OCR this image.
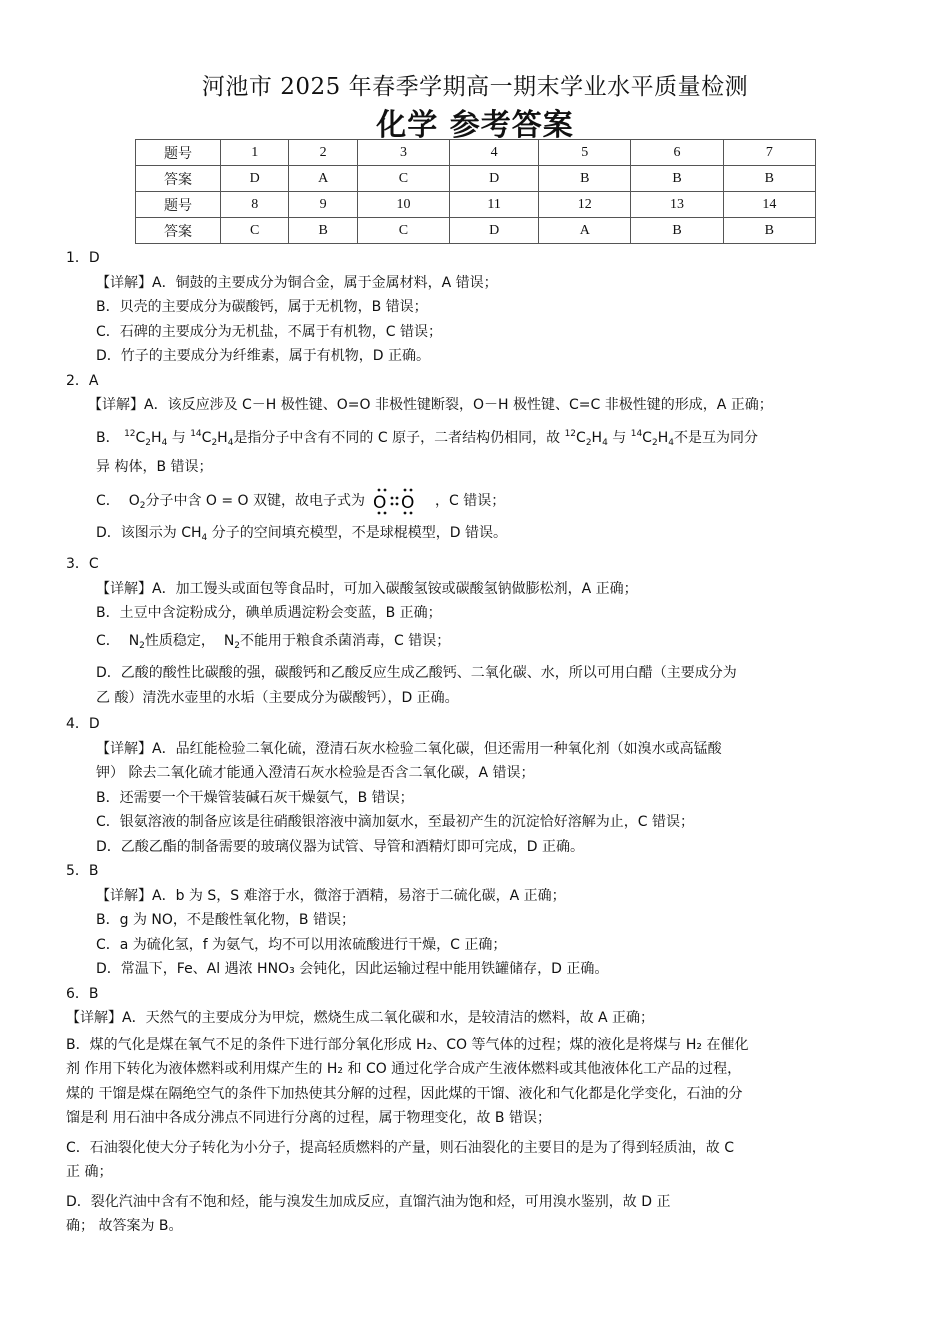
河池市 2025 年春季学期高一期末学业水平质量检测
化学 参考答案
题号	1	2	3	4	5	6	7
答案	D	A	C	D	B	B	B
题号	8	9	10	11	12	13	14
答案	C	B	C	D	A	B	B

1．D

【详解】A．铜鼓的主要成分为铜合金，属于金属材料，A 错误；

B．贝壳的主要成分为碳酸钙，属于无机物，B 错误；

C．石碑的主要成分为无机盐，不属于有机物，C 错误；

D．竹子的主要成分为纤维素，属于有机物，D 正确。

2．A

【详解】A．该反应涉及 C－H 极性键、O=O 非极性键断裂，O－H 极性键、C=C 非极性键的形成，A 正确；

B． $^{12}C_2H_4$ 与 $^{14}C_2H_4$是指分子中含有不同的 C 原子，二者结构仍相同，故 $^{12}C_2H_4$ 与 $^{14}C_2H_4$不是互为同分

异 构体，B 错误；

C． $O_2$分子中含 O = O 双键，故电子式为 O O ，C 错误；

D．该图示为 $CH_4$ 分子的空间填充模型，不是球棍模型，D 错误。

3．C

【详解】A．加工馒头或面包等食品时，可加入碳酸氢铵或碳酸氢钠做膨松剂，A 正确；

B．土豆中含淀粉成分，碘单质遇淀粉会变蓝，B 正确；

C． $N_2$性质稳定， $N_2$不能用于粮食杀菌消毒，C 错误；

D．乙酸的酸性比碳酸的强，碳酸钙和乙酸反应生成乙酸钙、二氧化碳、水，所以可用白醋（主要成分为

乙 酸）清洗水壶里的水垢（主要成分为碳酸钙），D 正确。

4．D

【详解】A．品红能检验二氧化硫，澄清石灰水检验二氧化碳，但还需用一种氧化剂（如溴水或高锰酸

钾） 除去二氧化硫才能通入澄清石灰水检验是否含二氧化碳，A 错误；

B．还需要一个干燥管装碱石灰干燥氨气，B 错误；

C．银氨溶液的制备应该是往硝酸银溶液中滴加氨水，至最初产生的沉淀恰好溶解为止，C 错误；

D．乙酸乙酯的制备需要的玻璃仪器为试管、导管和酒精灯即可完成，D 正确。

5．B

【详解】A．b 为 S，S 难溶于水，微溶于酒精，易溶于二硫化碳，A 正确；

B．g 为 NO，不是酸性氧化物，B 错误；

C．a 为硫化氢，f 为氨气，均不可以用浓硫酸进行干燥，C 正确；

D．常温下，Fe、Al 遇浓 HNO₃ 会钝化，因此运输过程中能用铁罐储存，D 正确。

6．B

【详解】A．天然气的主要成分为甲烷，燃烧生成二氧化碳和水，是较清洁的燃料，故 A 正确；

B．煤的气化是煤在氧气不足的条件下进行部分氧化形成 H₂、CO 等气体的过程；煤的液化是将煤与 H₂ 在催化

剂 作用下转化为液体燃料或利用煤产生的 H₂ 和 CO 通过化学合成产生液体燃料或其他液体化工产品的过程，

煤的 干馏是煤在隔绝空气的条件下加热使其分解的过程，因此煤的干馏、液化和气化都是化学变化，石油的分

馏是利 用石油中各成分沸点不同进行分离的过程，属于物理变化，故 B 错误；

C．石油裂化使大分子转化为小分子，提高轻质燃料的产量，则石油裂化的主要目的是为了得到轻质油，故 C

正 确；

D．裂化汽油中含有不饱和烃，能与溴发生加成反应，直馏汽油为饱和烃，可用溴水鉴别，故 D 正

确； 故答案为 B。
